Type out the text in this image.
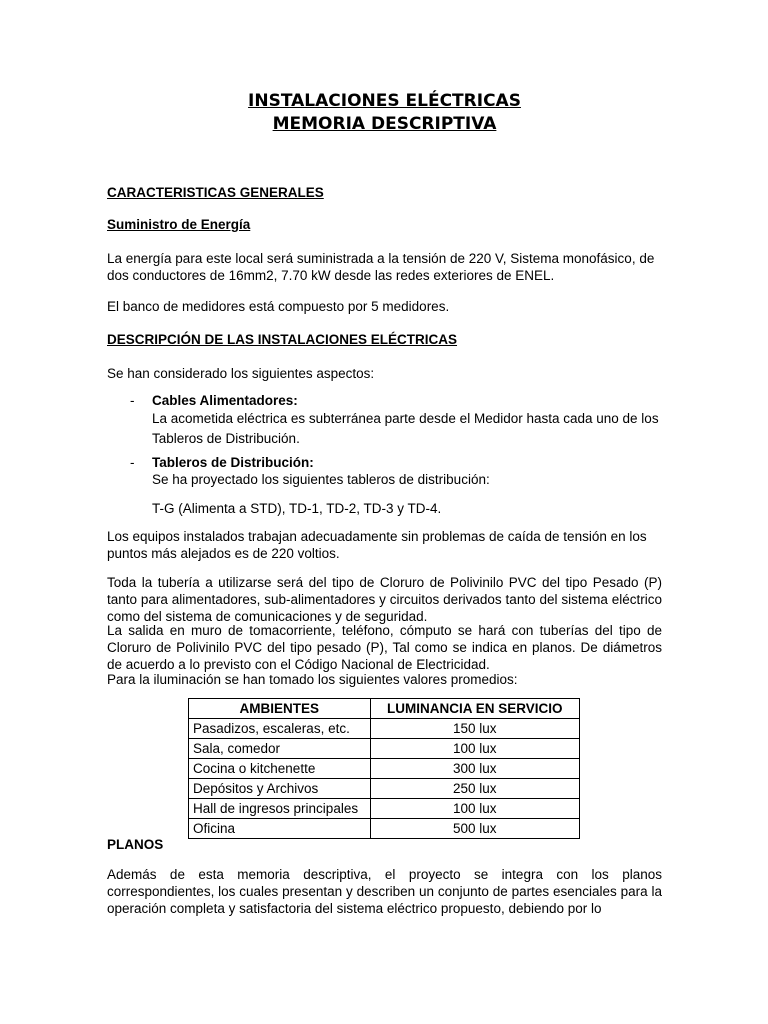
INSTALACIONES ELÉCTRICAS
MEMORIA DESCRIPTIVA
CARACTERISTICAS GENERALES
Suministro de Energía
La energía para este local será suministrada a la tensión de 220 V, Sistema monofásico, de dos conductores de 16mm2, 7.70 kW desde las redes exteriores de ENEL.
El banco de medidores está compuesto por 5 medidores.
DESCRIPCIÓN DE LAS INSTALACIONES ELÉCTRICAS
Se han considerado los siguientes aspectos:
- Cables Alimentadores:
La acometida eléctrica es subterránea parte desde el Medidor hasta cada uno de los Tableros de Distribución.
- Tableros de Distribución:
Se ha proyectado los siguientes tableros de distribución:
T-G (Alimenta a STD), TD-1, TD-2, TD-3 y TD-4.
Los equipos instalados trabajan adecuadamente sin problemas de caída de tensión en los puntos más alejados es de 220 voltios.
Toda la tubería a utilizarse será del tipo de Cloruro de Polivinilo PVC del tipo Pesado (P) tanto para alimentadores, sub-alimentadores y circuitos derivados tanto del sistema eléctrico como del sistema de comunicaciones y de seguridad.
La salida en muro de tomacorriente, teléfono, cómputo se hará con tuberías del tipo de Cloruro de Polivinilo PVC del tipo pesado (P), Tal como se indica en planos. De diámetros de acuerdo a lo previsto con el Código Nacional de Electricidad.
Para la iluminación se han tomado los siguientes valores promedios:
AMBIENTES	LUMINANCIA EN SERVICIO
Pasadizos, escaleras, etc.	150 lux
Sala, comedor	100 lux
Cocina o kitchenette	300 lux
Depósitos y Archivos	250 lux
Hall de ingresos principales	100 lux
Oficina	500 lux
PLANOS
Además de esta memoria descriptiva, el proyecto se integra con los planos correspondientes, los cuales presentan y describen un conjunto de partes esenciales para la operación completa y satisfactoria del sistema eléctrico propuesto, debiendo por lo
